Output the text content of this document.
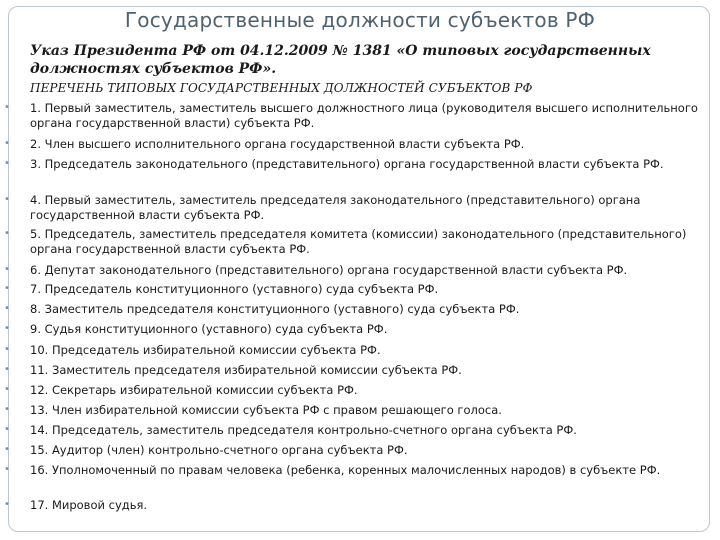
Государственные должности субъектов РФ
Указ Президента РФ от 04.12.2009 № 1381 «О типовых государственных должностях субъектов РФ».
ПЕРЕЧЕНЬ ТИПОВЫХ ГОСУДАРСТВЕННЫХ ДОЛЖНОСТЕЙ СУБЪЕКТОВ РФ
• 1. Первый заместитель, заместитель высшего должностного лица (руководителя высшего исполнительного органа государственной власти) субъекта РФ.
• 2. Член высшего исполнительного органа государственной власти субъекта РФ.
• 3. Председатель законодательного (представительного) органа государственной власти субъекта РФ.
• 4. Первый заместитель, заместитель председателя законодательного (представительного) органа государственной власти субъекта РФ.
• 5. Председатель, заместитель председателя комитета (комиссии) законодательного (представительного) органа государственной власти субъекта РФ.
• 6. Депутат законодательного (представительного) органа государственной власти субъекта РФ.
• 7. Председатель конституционного (уставного) суда субъекта РФ.
• 8. Заместитель председателя конституционного (уставного) суда субъекта РФ.
• 9. Судья конституционного (уставного) суда субъекта РФ.
• 10. Председатель избирательной комиссии субъекта РФ.
• 11. Заместитель председателя избирательной комиссии субъекта РФ.
• 12. Секретарь избирательной комиссии субъекта РФ.
• 13. Член избирательной комиссии субъекта РФ с правом решающего голоса.
• 14. Председатель, заместитель председателя контрольно-счетного органа субъекта РФ.
• 15. Аудитор (член) контрольно-счетного органа субъекта РФ.
• 16. Уполномоченный по правам человека (ребенка, коренных малочисленных народов) в субъекте РФ.
• 17. Мировой судья.
